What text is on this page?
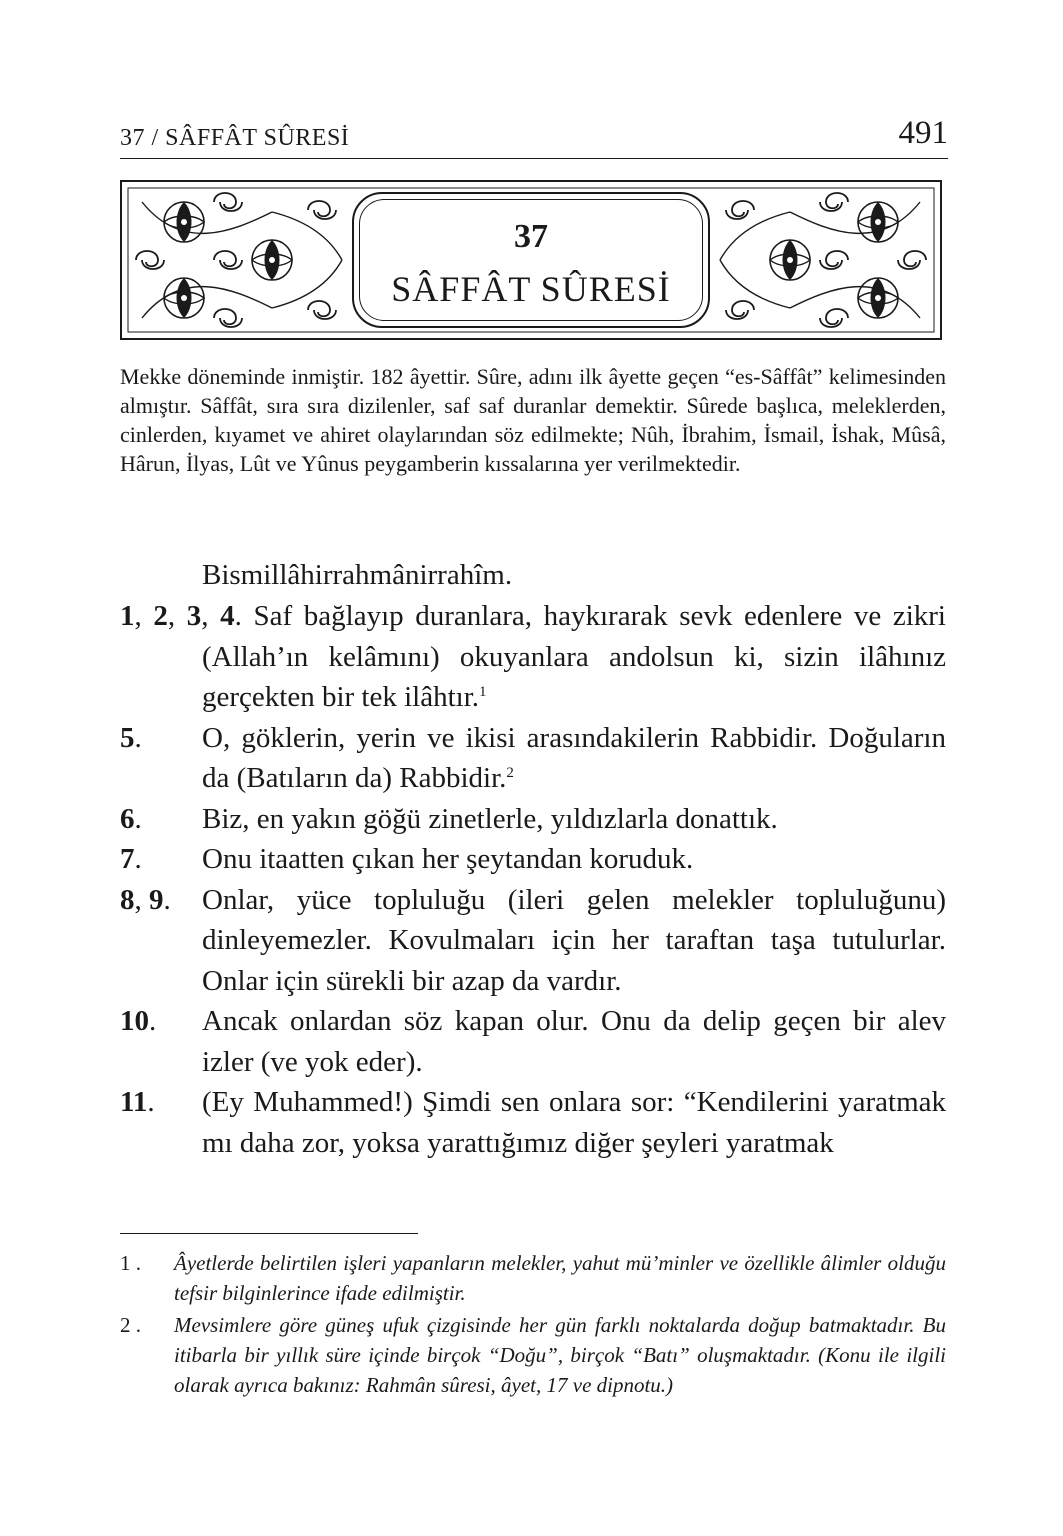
37 / SÂFFÂT SÛRESİ	491
37
SÂFFÂT SÛRESİ

Mekke döneminde inmiştir. 182 âyettir. Sûre, adını ilk âyette geçen “es-Sâffât” kelimesinden almıştır. Sâffât, sıra sıra dizilenler, saf saf duranlar demektir. Sûrede başlıca, meleklerden, cinlerden, kıyamet ve ahiret olaylarından söz edilmekte; Nûh, İbrahim, İsmail, İshak, Mûsâ, Hârun, İlyas, Lût ve Yûnus peygamberin kıssalarına yer verilmektedir.

Bismillâhirrahmânirrahîm.

1, 2, 3, 4. Saf bağlayıp duranlara, haykırarak sevk edenlere ve zikri (Allah’ın kelâmını) okuyanlara andolsun ki, sizin ilâhınız gerçekten bir tek ilâhtır.$^1$
5.	O, göklerin, yerin ve ikisi arasındakilerin Rabbidir. Doğuların da (Batıların da) Rabbidir.$^2$
6.	Biz, en yakın göğü zinetlerle, yıldızlarla donattık.
7.	Onu itaatten çıkan her şeytandan koruduk.
8, 9.	Onlar, yüce topluluğu (ileri gelen melekler topluluğunu) dinleyemezler. Kovulmaları için her taraftan taşa tutulurlar. Onlar için sürekli bir azap da vardır.
10.	Ancak onlardan söz kapan olur. Onu da delip geçen bir alev izler (ve yok eder).
11.	(Ey Muhammed!) Şimdi sen onlara sor: “Kendilerini yaratmak mı daha zor, yoksa yarattığımız diğer şeyleri yaratmak
1 .	Âyetlerde belirtilen işleri yapanların melekler, yahut mü’minler ve özellikle âlimler olduğu tefsir bilginlerince ifade edilmiştir.
2 .	Mevsimlere göre güneş ufuk çizgisinde her gün farklı noktalarda doğup batmaktadır. Bu itibarla bir yıllık süre içinde birçok “Doğu”, birçok “Batı” oluşmaktadır. (Konu ile ilgili olarak ayrıca bakınız: Rahmân sûresi, âyet, 17 ve dipnotu.)
